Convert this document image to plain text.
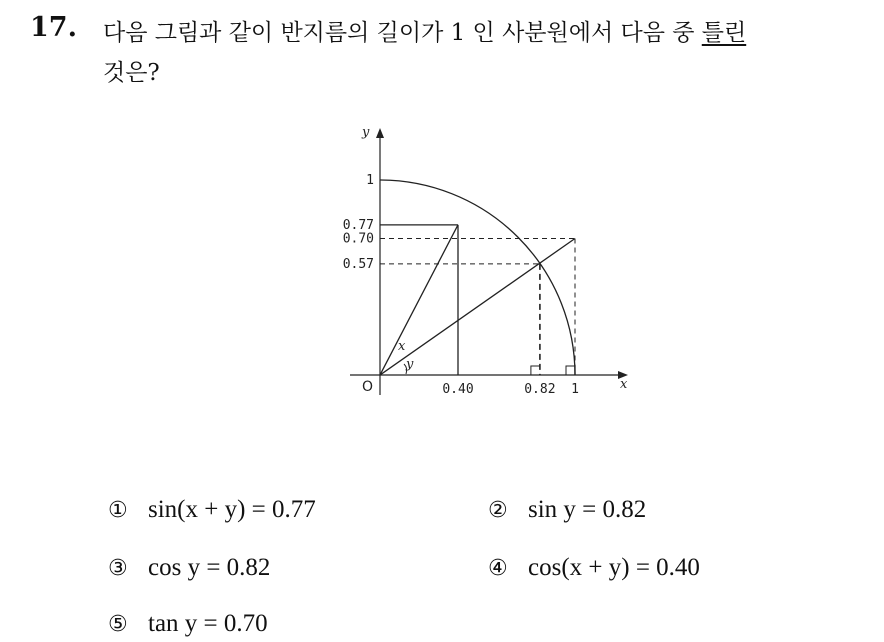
17. 다음 그림과 같이 반지름의 길이가 1 인 사분원에서 다음 중 틀린
것은?
0.40	0.82 1
1
0.77
0.70
0.57
x
y
O
x
y
① sin(x + y) = 0.77	② sin y = 0.82
③ cos y = 0.82	④ cos(x + y) = 0.40
⑤ tan y = 0.70
